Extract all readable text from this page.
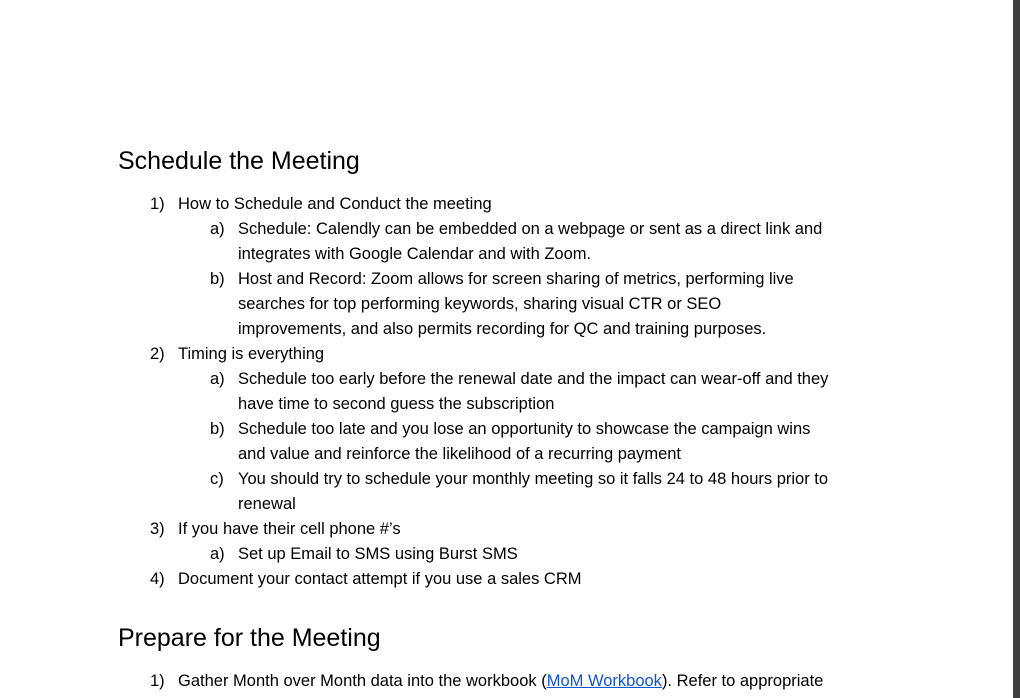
Schedule the Meeting
1) How to Schedule and Conduct the meeting
a) Schedule: Calendly can be embedded on a webpage or sent as a direct link and
integrates with Google Calendar and with Zoom.
b) Host and Record: Zoom allows for screen sharing of metrics, performing live
searches for top performing keywords, sharing visual CTR or SEO
improvements, and also permits recording for QC and training purposes.
2) Timing is everything
a) Schedule too early before the renewal date and the impact can wear-off and they
have time to second guess the subscription
b) Schedule too late and you lose an opportunity to showcase the campaign wins
and value and reinforce the likelihood of a recurring payment
c) You should try to schedule your monthly meeting so it falls 24 to 48 hours prior to
renewal
3) If you have their cell phone #’s
a) Set up Email to SMS using Burst SMS
4) Document your contact attempt if you use a sales CRM
Prepare for the Meeting
1) Gather Month over Month data into the workbook (MoM Workbook). Refer to appropriate
